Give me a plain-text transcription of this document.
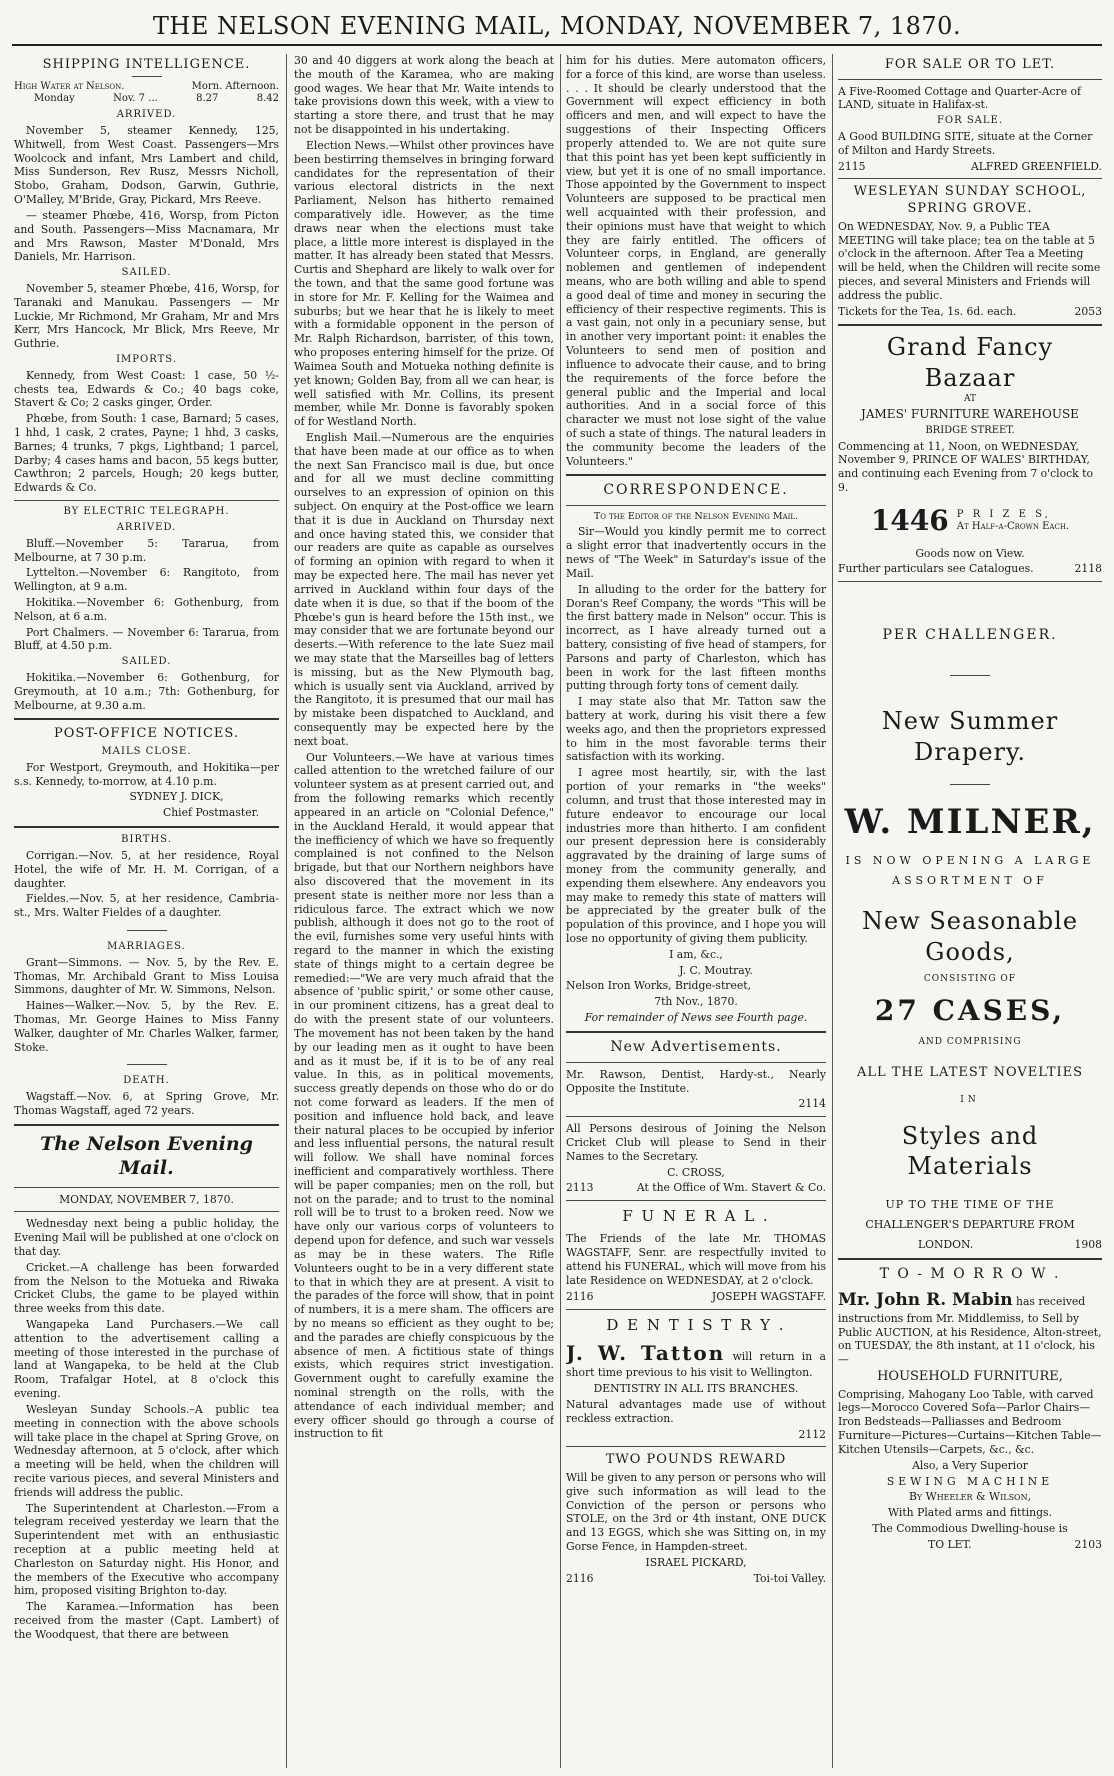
THE NELSON EVENING MAIL, MONDAY, NOVEMBER 7, 1870.
SHIPPING INTELLIGENCE.
High Water at Nelson.	Morn. Afternoon.
Monday	Nov. 7 ...	8.27	8.42
ARRIVED.

November 5, steamer Kennedy, 125, Whitwell, from West Coast. Passengers—Mrs Woolcock and infant, Mrs Lambert and child, Miss Sunderson, Rev Rusz, Messrs Nicholl, Stobo, Graham, Dodson, Garwin, Guthrie, O'Malley, M'Bride, Gray, Pickard, Mrs Reeve.

— steamer Phœbe, 416, Worsp, from Picton and South. Passengers—Miss Macnamara, Mr and Mrs Rawson, Master M'Donald, Mrs Daniels, Mr. Harrison.

SAILED.

November 5, steamer Phœbe, 416, Worsp, for Taranaki and Manukau. Passengers — Mr Luckie, Mr Richmond, Mr Graham, Mr and Mrs Kerr, Mrs Hancock, Mr Blick, Mrs Reeve, Mr Guthrie.

IMPORTS.

Kennedy, from West Coast: 1 case, 50 ½-chests tea, Edwards & Co.; 40 bags coke, Stavert & Co; 2 casks ginger, Order.

Phœbe, from South: 1 case, Barnard; 5 cases, 1 hhd, 1 cask, 2 crates, Payne; 1 hhd, 3 casks, Barnes; 4 trunks, 7 pkgs, Lightband; 1 parcel, Darby; 4 cases hams and bacon, 55 kegs butter, Cawthron; 2 parcels, Hough; 20 kegs butter, Edwards & Co.

BY ELECTRIC TELEGRAPH.
ARRIVED.

Bluff.—November 5: Tararua, from Melbourne, at 7 30 p.m.

Lyttelton.—November 6: Rangitoto, from Wellington, at 9 a.m.

Hokitika.—November 6: Gothenburg, from Nelson, at 6 a.m.

Port Chalmers. — November 6: Tararua, from Bluff, at 4.50 p.m.

SAILED.

Hokitika.—November 6: Gothenburg, for Greymouth, at 10 a.m.; 7th: Gothenburg, for Melbourne, at 9.30 a.m.

POST-OFFICE NOTICES.
MAILS CLOSE.

For Westport, Greymouth, and Hokitika—per s.s. Kennedy, to-morrow, at 4.10 p.m.

SYDNEY J. DICK,

Chief Postmaster.

BIRTHS.

Corrigan.—Nov. 5, at her residence, Royal Hotel, the wife of Mr. H. M. Corrigan, of a daughter.

Fieldes.—Nov. 5, at her residence, Cambria-st., Mrs. Walter Fieldes of a daughter.

MARRIAGES.

Grant—Simmons. — Nov. 5, by the Rev. E. Thomas, Mr. Archibald Grant to Miss Louisa Simmons, daughter of Mr. W. Simmons, Nelson.

Haines—Walker.—Nov. 5, by the Rev. E. Thomas, Mr. George Haines to Miss Fanny Walker, daughter of Mr. Charles Walker, farmer, Stoke.

DEATH.

Wagstaff.—Nov. 6, at Spring Grove, Mr. Thomas Wagstaff, aged 72 years.

The Nelson Evening Mail.

MONDAY, NOVEMBER 7, 1870.

Wednesday next being a public holiday, the Evening Mail will be published at one o'clock on that day.

Cricket.—A challenge has been forwarded from the Nelson to the Motueka and Riwaka Cricket Clubs, the game to be played within three weeks from this date.

Wangapeka Land Purchasers.—We call attention to the advertisement calling a meeting of those interested in the purchase of land at Wangapeka, to be held at the Club Room, Trafalgar Hotel, at 8 o'clock this evening.

Wesleyan Sunday Schools.–A public tea meeting in connection with the above schools will take place in the chapel at Spring Grove, on Wednesday afternoon, at 5 o'clock, after which a meeting will be held, when the children will recite various pieces, and several Ministers and friends will address the public.

The Superintendent at Charleston.—From a telegram received yesterday we learn that the Superintendent met with an enthusiastic reception at a public meeting held at Charleston on Saturday night. His Honor, and the members of the Executive who accompany him, proposed visiting Brighton to-day.

The Karamea.—Information has been received from the master (Capt. Lambert) of the Woodquest, that there are between

30 and 40 diggers at work along the beach at the mouth of the Karamea, who are making good wages. We hear that Mr. Waite intends to take provisions down this week, with a view to starting a store there, and trust that he may not be disappointed in his undertaking.

Election News.—Whilst other provinces have been bestirring themselves in bringing forward candidates for the representation of their various electoral districts in the next Parliament, Nelson has hitherto remained comparatively idle. However, as the time draws near when the elections must take place, a little more interest is displayed in the matter. It has already been stated that Messrs. Curtis and Shephard are likely to walk over for the town, and that the same good fortune was in store for Mr. F. Kelling for the Waimea and suburbs; but we hear that he is likely to meet with a formidable opponent in the person of Mr. Ralph Richardson, barrister, of this town, who proposes entering himself for the prize. Of Waimea South and Motueka nothing definite is yet known; Golden Bay, from all we can hear, is well satisfied with Mr. Collins, its present member, while Mr. Donne is favorably spoken of for Westland North.

English Mail.—Numerous are the enquiries that have been made at our office as to when the next San Francisco mail is due, but once and for all we must decline committing ourselves to an expression of opinion on this subject. On enquiry at the Post-office we learn that it is due in Auckland on Thursday next and once having stated this, we consider that our readers are quite as capable as ourselves of forming an opinion with regard to when it may be expected here. The mail has never yet arrived in Auckland within four days of the date when it is due, so that if the boom of the Phœbe's gun is heard before the 15th inst., we may consider that we are fortunate beyond our deserts.—With reference to the late Suez mail we may state that the Marseilles bag of letters is missing, but as the New Plymouth bag, which is usually sent via Auckland, arrived by the Rangitoto, it is presumed that our mail has by mistake been dispatched to Auckland, and consequently may be expected here by the next boat.

Our Volunteers.—We have at various times called attention to the wretched failure of our volunteer system as at present carried out, and from the following remarks which recently appeared in an article on "Colonial Defence," in the Auckland Herald, it would appear that the inefficiency of which we have so frequently complained is not confined to the Nelson brigade, but that our Northern neighbors have also discovered that the movement in its present state is neither more nor less than a ridiculous farce. The extract which we now publish, although it does not go to the root of the evil, furnishes some very useful hints with regard to the manner in which the existing state of things might to a certain degree be remedied:—"We are very much afraid that the absence of 'public spirit,' or some other cause, in our prominent citizens, has a great deal to do with the present state of our volunteers. The movement has not been taken by the hand by our leading men as it ought to have been and as it must be, if it is to be of any real value. In this, as in political movements, success greatly depends on those who do or do not come forward as leaders. If the men of position and influence hold back, and leave their natural places to be occupied by inferior and less influential persons, the natural result will follow. We shall have nominal forces inefficient and comparatively worthless. There will be paper companies; men on the roll, but not on the parade; and to trust to the nominal roll will be to trust to a broken reed. Now we have only our various corps of volunteers to depend upon for defence, and such war vessels as may be in these waters. The Rifle Volunteers ought to be in a very different state to that in which they are at present. A visit to the parades of the force will show, that in point of numbers, it is a mere sham. The officers are by no means so efficient as they ought to be; and the parades are chiefly conspicuous by the absence of men. A fictitious state of things exists, which requires strict investigation. Government ought to carefully examine the nominal strength on the rolls, with the attendance of each individual member; and every officer should go through a course of instruction to fit

him for his duties. Mere automaton officers, for a force of this kind, are worse than useless. . . . It should be clearly understood that the Government will expect efficiency in both officers and men, and will expect to have the suggestions of their Inspecting Officers properly attended to. We are not quite sure that this point has yet been kept sufficiently in view, but yet it is one of no small importance. Those appointed by the Government to inspect Volunteers are supposed to be practical men well acquainted with their profession, and their opinions must have that weight to which they are fairly entitled. The officers of Volunteer corps, in England, are generally noblemen and gentlemen of independent means, who are both willing and able to spend a good deal of time and money in securing the efficiency of their respective regiments. This is a vast gain, not only in a pecuniary sense, but in another very important point: it enables the Volunteers to send men of position and influence to advocate their cause, and to bring the requirements of the force before the general public and the Imperial and local authorities. And in a social force of this character we must not lose sight of the value of such a state of things. The natural leaders in the community become the leaders of the Volunteers."

CORRESPONDENCE.

To the Editor of the Nelson Evening Mail.

Sir—Would you kindly permit me to correct a slight error that inadvertently occurs in the news of "The Week" in Saturday's issue of the Mail.

In alluding to the order for the battery for Doran's Reef Company, the words "This will be the first battery made in Nelson" occur. This is incorrect, as I have already turned out a battery, consisting of five head of stampers, for Parsons and party of Charleston, which has been in work for the last fifteen months putting through forty tons of cement daily.

I may state also that Mr. Tatton saw the battery at work, during his visit there a few weeks ago, and then the proprietors expressed to him in the most favorable terms their satisfaction with its working.

I agree most heartily, sir, with the last portion of your remarks in "the weeks" column, and trust that those interested may in future endeavor to encourage our local industries more than hitherto. I am confident our present depression here is considerably aggravated by the draining of large sums of money from the community generally, and expending them elsewhere. Any endeavors you may make to remedy this state of matters will be appreciated by the greater bulk of the population of this province, and I hope you will lose no opportunity of giving them publicity.

I am, &c.,

J. C. Moutray.

Nelson Iron Works, Bridge-street,

7th Nov., 1870.

For remainder of News see Fourth page.

New Advertisements.

Mr. Rawson, Dentist, Hardy-st., Nearly Opposite the Institute.

2114

All Persons desirous of Joining the Nelson Cricket Club will please to Send in their Names to the Secretary.

C. CROSS,

2113	At the Office of Wm. Stavert & Co.
F U N E R A L .

The Friends of the late Mr. THOMAS WAGSTAFF, Senr. are respectfully invited to attend his FUNERAL, which will move from his late Residence on WEDNESDAY, at 2 o'clock.

2116	JOSEPH WAGSTAFF.
D E N T I S T R Y .

J. W. Tatton will return in a short time previous to his visit to Wellington.

DENTISTRY IN ALL ITS BRANCHES.

Natural advantages made use of without reckless extraction.

2112

TWO POUNDS REWARD

Will be given to any person or persons who will give such information as will lead to the Conviction of the person or persons who STOLE, on the 3rd or 4th instant, ONE DUCK and 13 EGGS, which she was Sitting on, in my Gorse Fence, in Hampden-street.

ISRAEL PICKARD,

2116	Toi-toi Valley.
FOR SALE OR TO LET.

A Five-Roomed Cottage and Quarter-Acre of LAND, situate in Halifax-st.

FOR SALE.

A Good BUILDING SITE, situate at the Corner of Milton and Hardy Streets.

2115	ALFRED GREENFIELD.
WESLEYAN SUNDAY SCHOOL, SPRING GROVE.

On WEDNESDAY, Nov. 9, a Public TEA MEETING will take place; tea on the table at 5 o'clock in the afternoon. After Tea a Meeting will be held, when the Children will recite some pieces, and several Ministers and Friends will address the public.

Tickets for the Tea, 1s. 6d. each.	2053
Grand Fancy Bazaar

AT

JAMES' FURNITURE WAREHOUSE

BRIDGE STREET.

Commencing at 11, Noon, on WEDNESDAY, November 9, PRINCE OF WALES' BIRTHDAY, and continuing each Evening from 7 o'clock to 9.

1446 P R I Z E S,
At Half-a-Crown Each.

Goods now on View.

Further particulars see Catalogues.	2118
PER CHALLENGER.
New Summer Drapery.
W. MILNER,
IS NOW OPENING A LARGE
ASSORTMENT OF
New Seasonable Goods,
CONSISTING OF
27 CASES,
AND COMPRISING
ALL THE LATEST NOVELTIES
IN
Styles and Materials
UP TO THE TIME OF THE
CHALLENGER'S DEPARTURE FROM
LONDON.	1908
T O - M O R R O W .

Mr. John R. Mabin has received instructions from Mr. Middlemiss, to Sell by Public AUCTION, at his Residence, Alton-street, on TUESDAY, the 8th instant, at 11 o'clock, his—

HOUSEHOLD FURNITURE,

Comprising, Mahogany Loo Table, with carved legs—Morocco Covered Sofa—Parlor Chairs—Iron Bedsteads—Palliasses and Bedroom Furniture—Pictures—Curtains—Kitchen Table—Kitchen Utensils—Carpets, &c., &c.

Also, a Very Superior

SEWING MACHINE

By Wheeler & Wilson,

With Plated arms and fittings.

The Commodious Dwelling-house is

TO LET.	2103
